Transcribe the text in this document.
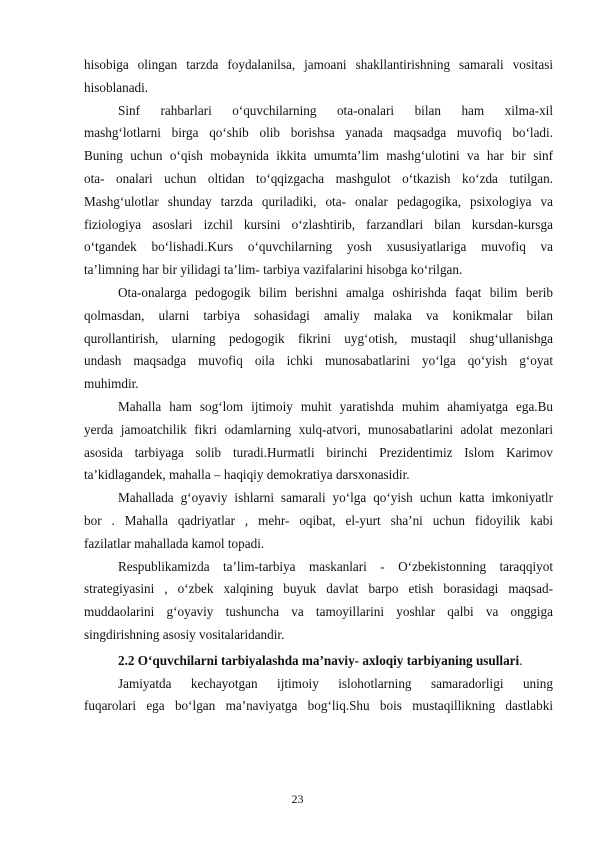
hisobiga olingan tarzda foydalanilsa, jamoani shakllantirishning samarali vositasi
hisoblanadi.
Sinf rahbarlari o‘quvchilarning ota-onalari bilan ham xilma-xil
mashg‘lotlarni birga qo‘shib olib borishsa yanada maqsadga muvofiq bo‘ladi.
Buning uchun o‘qish mobaynida ikkita umumta’lim mashg‘ulotini va har bir sinf
ota- onalari uchun oltidan to‘qqizgacha mashgulot o‘tkazish ko‘zda tutilgan.
Mashg‘ulotlar shunday tarzda quriladiki, ota- onalar pedagogika, psixologiya va
fiziologiya asoslari izchil kursini o‘zlashtirib, farzandlari bilan kursdan-kursga
o‘tgandek bo‘lishadi.Kurs o‘quvchilarning yosh xususiyatlariga muvofiq va
ta’limning har bir yilidagi ta’lim- tarbiya vazifalarini hisobga ko‘rilgan.
Ota-onalarga pedogogik bilim berishni amalga oshirishda faqat bilim berib
qolmasdan, ularni tarbiya sohasidagi amaliy malaka va konikmalar bilan
qurollantirish, ularning pedogogik fikrini uyg‘otish, mustaqil shug‘ullanishga
undash maqsadga muvofiq oila ichki munosabatlarini yo‘lga qo‘yish g‘oyat
muhimdir.
Mahalla ham sog‘lom ijtimoiy muhit yaratishda muhim ahamiyatga ega.Bu
yerda jamoatchilik fikri odamlarning xulq-atvori, munosabatlarini adolat mezonlari
asosida tarbiyaga solib turadi.Hurmatli birinchi Prezidentimiz Islom Karimov
ta’kidlagandek, mahalla – haqiqiy demokratiya darsxonasidir.
Mahallada g‘oyaviy ishlarni samarali yo‘lga qo‘yish uchun katta imkoniyatlr
bor . Mahalla qadriyatlar , mehr- oqibat, el-yurt sha’ni uchun fidoyilik kabi
fazilatlar mahallada kamol topadi.
Respublikamizda ta’lim-tarbiya maskanlari - O‘zbekistonning taraqqiyot
strategiyasini , o‘zbek xalqining buyuk davlat barpo etish borasidagi maqsad-
muddaolarini g‘oyaviy tushuncha va tamoyillarini yoshlar qalbi va onggiga
singdirishning asosiy vositalaridandir.
2.2 O‘quvchilarni tarbiyalashda ma’naviy- axloqiy tarbiyaning usullari.
Jamiyatda kechayotgan ijtimoiy islohotlarning samaradorligi uning
fuqarolari ega bo‘lgan ma’naviyatga bog‘liq.Shu bois mustaqillikning dastlabki
23
